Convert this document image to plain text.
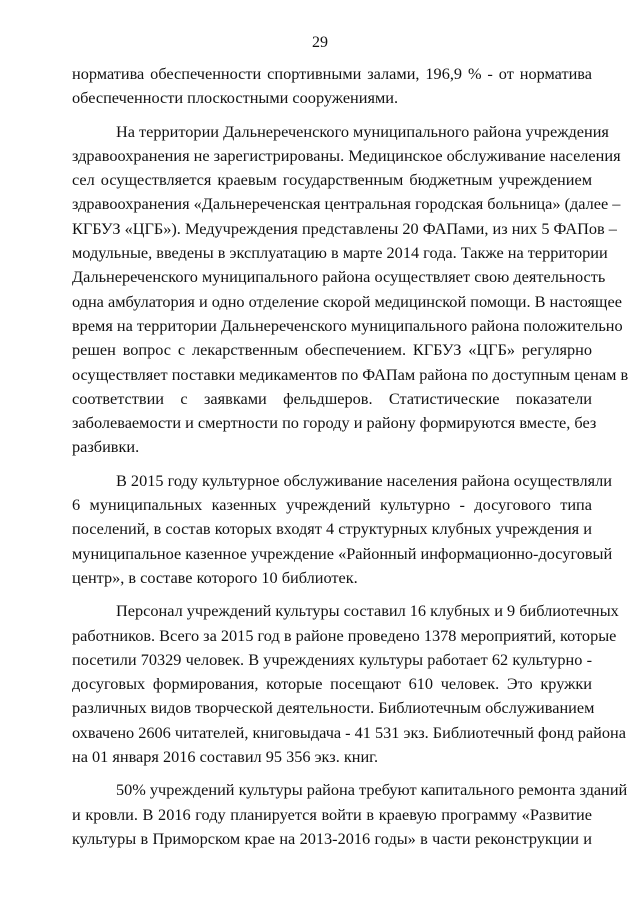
29

норматива обеспеченности спортивными залами, 196,9 % - от норматива
обеспеченности плоскостными сооружениями.

На территории Дальнереченского муниципального района учреждения
здравоохранения не зарегистрированы. Медицинское обслуживание населения
сел осуществляется краевым государственным бюджетным учреждением
здравоохранения «Дальнереченская центральная городская больница» (далее –
КГБУЗ «ЦГБ»). Медучреждения представлены 20 ФАПами, из них 5 ФАПов –
модульные, введены в эксплуатацию в марте 2014 года. Также на территории
Дальнереченского муниципального района осуществляет свою деятельность
одна амбулатория и одно отделение скорой медицинской помощи. В настоящее
время на территории Дальнереченского муниципального района положительно
решен вопрос с лекарственным обеспечением. КГБУЗ «ЦГБ» регулярно
осуществляет поставки медикаментов по ФАПам района по доступным ценам в
соответствии с заявками фельдшеров. Статистические показатели
заболеваемости и смертности по городу и району формируются вместе, без
разбивки.

В 2015 году культурное обслуживание населения района осуществляли
6 муниципальных казенных учреждений культурно - досугового типа
поселений, в состав которых входят 4 структурных клубных учреждения и
муниципальное казенное учреждение «Районный информационно-досуговый
центр», в составе которого 10 библиотек.

Персонал учреждений культуры составил 16 клубных и 9 библиотечных
работников. Всего за 2015 год в районе проведено 1378 мероприятий, которые
посетили 70329 человек. В учреждениях культуры работает 62 культурно -
досуговых формирования, которые посещают 610 человек. Это кружки
различных видов творческой деятельности. Библиотечным обслуживанием
охвачено 2606 читателей, книговыдача - 41 531 экз. Библиотечный фонд района
на 01 января 2016 составил 95 356 экз. книг.

50% учреждений культуры района требуют капитального ремонта зданий
и кровли. В 2016 году планируется войти в краевую программу «Развитие
культуры в Приморском крае на 2013-2016 годы» в части реконструкции и
